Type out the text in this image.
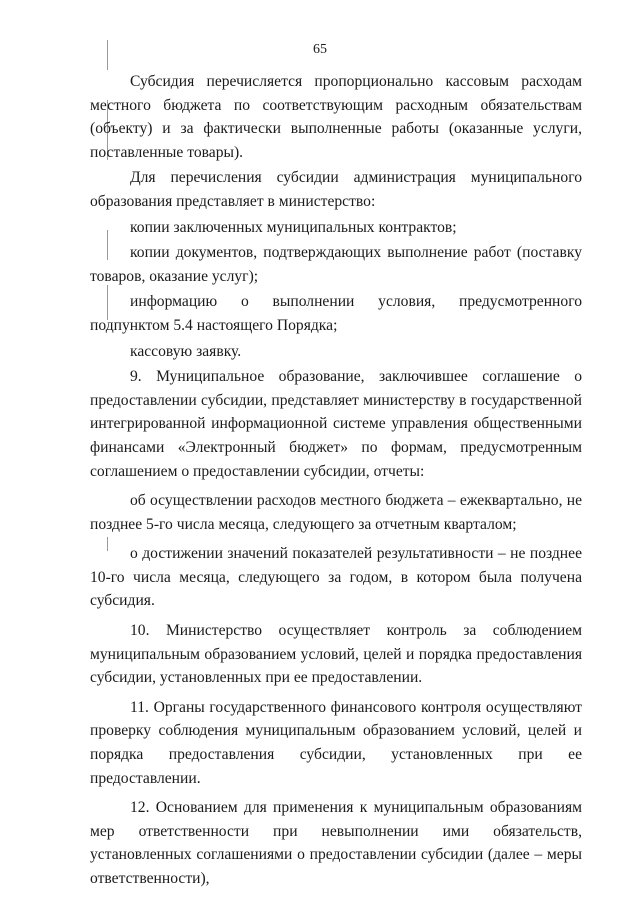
65

Субсидия перечисляется пропорционально кассовым расходам местного бюджета по соответствующим расходным обязательствам (объекту) и за фактически выполненные работы (оказанные услуги, поставленные товары).

Для перечисления субсидии администрация муниципального образования представляет в министерство:

копии заключенных муниципальных контрактов;

копии документов, подтверждающих выполнение работ (поставку товаров, оказание услуг);

информацию о выполнении условия, предусмотренного подпунктом 5.4 настоящего Порядка;

кассовую заявку.

9. Муниципальное образование, заключившее соглашение о предоставлении субсидии, представляет министерству в государственной интегрированной информационной системе управления общественными финансами «Электронный бюджет» по формам, предусмотренным соглашением о предоставлении субсидии, отчеты:

об осуществлении расходов местного бюджета – ежеквартально, не позднее 5-го числа месяца, следующего за отчетным кварталом;

о достижении значений показателей результативности – не позднее 10-го числа месяца, следующего за годом, в котором была получена субсидия.

10. Министерство осуществляет контроль за соблюдением муниципальным образованием условий, целей и порядка предоставления субсидии, установленных при ее предоставлении.

11. Органы государственного финансового контроля осуществляют проверку соблюдения муниципальным образованием условий, целей и порядка предоставления субсидии, установленных при ее предоставлении.

12. Основанием для применения к муниципальным образованиям мер ответственности при невыполнении ими обязательств, установленных соглашениями о предоставлении субсидии (далее – меры ответственности),
